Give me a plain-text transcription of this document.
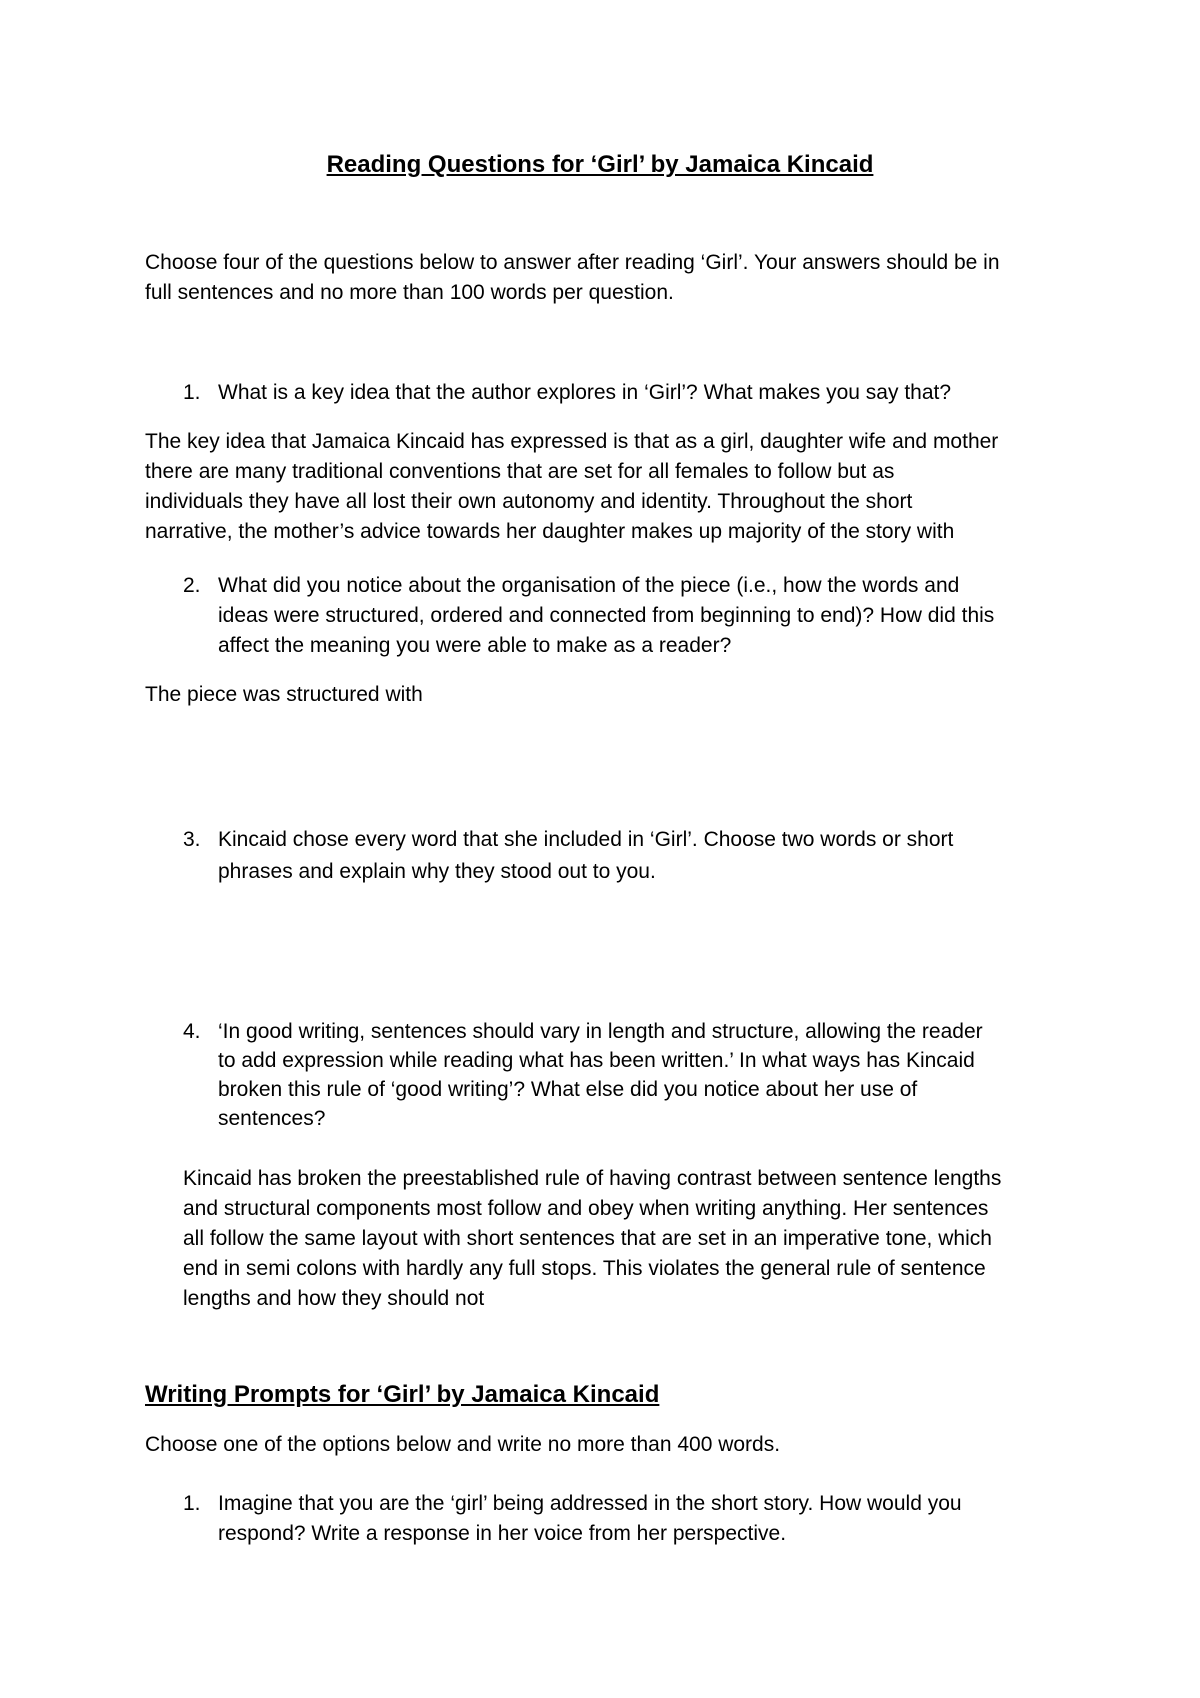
Reading Questions for ‘Girl’ by Jamaica Kincaid

Choose four of the questions below to answer after reading ‘Girl’. Your answers should be in

full sentences and no more than 100 words per question.

1. What is a key idea that the author explores in ‘Girl’? What makes you say that?

The key idea that Jamaica Kincaid has expressed is that as a girl, daughter wife and mother

there are many traditional conventions that are set for all females to follow but as

individuals they have all lost their own autonomy and identity. Throughout the short

narrative, the mother’s advice towards her daughter makes up majority of the story with

2. What did you notice about the organisation of the piece (i.e., how the words and

ideas were structured, ordered and connected from beginning to end)? How did this

affect the meaning you were able to make as a reader?

The piece was structured with

3. Kincaid chose every word that she included in ‘Girl’. Choose two words or short

phrases and explain why they stood out to you.

4. ‘In good writing, sentences should vary in length and structure, allowing the reader

to add expression while reading what has been written.’ In what ways has Kincaid

broken this rule of ‘good writing’? What else did you notice about her use of

sentences?

Kincaid has broken the preestablished rule of having contrast between sentence lengths

and structural components most follow and obey when writing anything. Her sentences

all follow the same layout with short sentences that are set in an imperative tone, which

end in semi colons with hardly any full stops. This violates the general rule of sentence

lengths and how they should not

Writing Prompts for ‘Girl’ by Jamaica Kincaid

Choose one of the options below and write no more than 400 words.

1. Imagine that you are the ‘girl’ being addressed in the short story. How would you

respond? Write a response in her voice from her perspective.
